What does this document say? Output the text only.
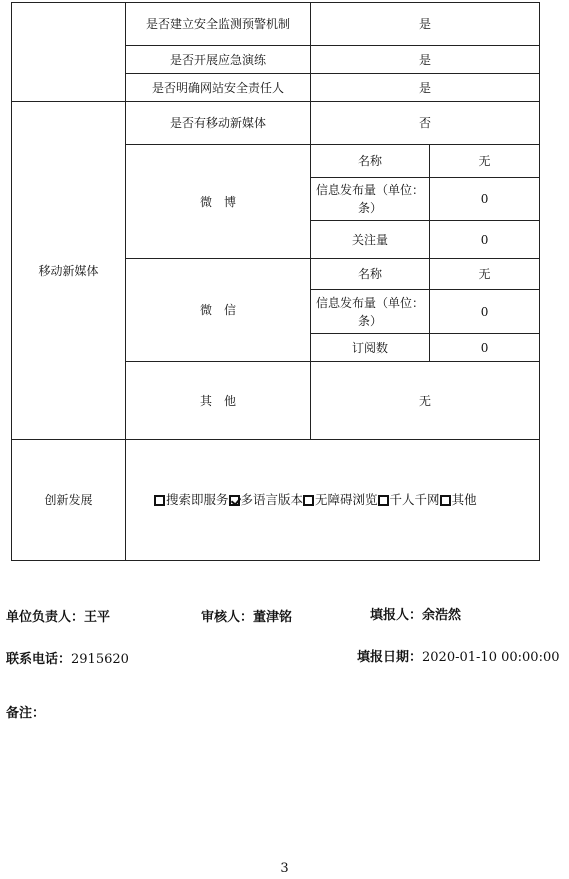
	是否建立安全监测预警机制	是	
	是否开展应急演练	是	
	是否明确网站安全责任人	是	
移动新媒体	是否有移动新媒体	否	
	微　博	名称	无
		信息发布量（单位：条）	0
		关注量	0
	微　信	名称	无
		信息发布量（单位：条）	0
		订阅数	0
	其　他	无	

创新发展	搜索即服务 多语言版本 无障碍浏览 千人千网 其他		
单位负责人：王平	审核人：董津铭	填报人：余浩然
联系电话：2915620	填报日期：2020-01-10 00:00:00
备注：
3
